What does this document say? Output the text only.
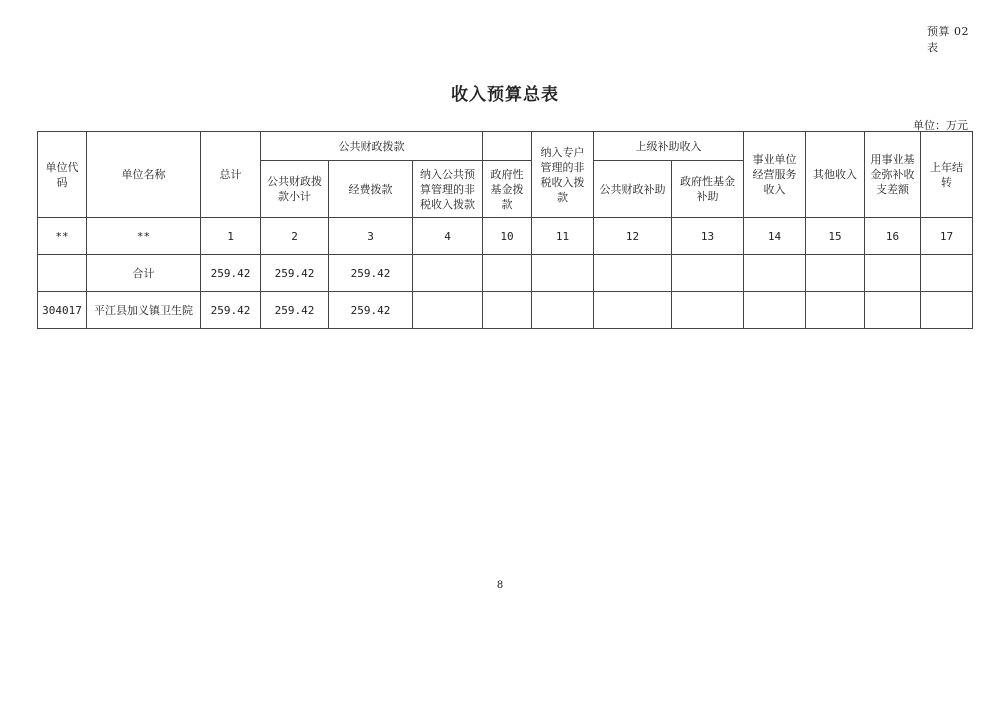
预算 02 表
收入预算总表
单位：万元
单位代码	单位名称	总计	公共财政拨款				纳入专户管理的非税收入拨款	上级补助收入		事业单位经营服务收入	其他收入	用事业基金弥补收支差额	上年结转
			公共财政拨款小计	经费拨款	纳入公共预算管理的非税收入拨款	政府性基金拨款							
								公共财政补助	政府性基金补助				
**	**	1	2	3	4	10	11	12	13	14	15	16	17
	合计	259.42	259.42	259.42									
304017	平江县加义镇卫生院	259.42	259.42	259.42									
8
